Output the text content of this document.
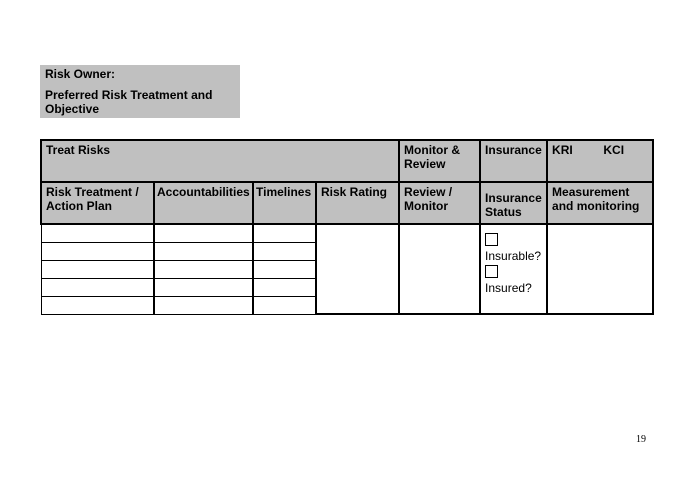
Risk Owner:
Preferred Risk Treatment and Objective
Treat Risks				Monitor & Review	Insurance	KRI KCI

Risk Treatment / Action Plan	Accountabilities	Timelines	Risk Rating	Review / Monitor	Insurance Status	Measurement and monitoring

					Insurable?
Insured?	

19
